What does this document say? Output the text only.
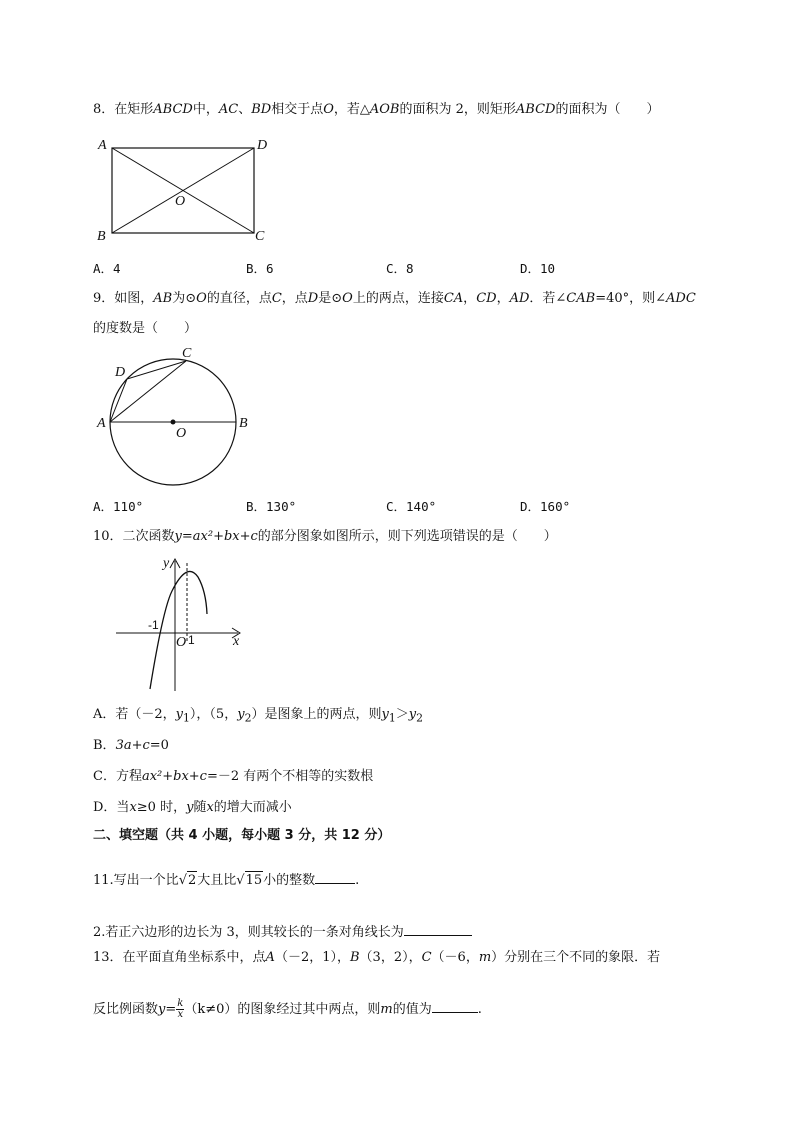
8．在矩形ABCD中，AC、BD相交于点O，若△AOB的面积为 2，则矩形ABCD的面积为（　　）
A	D
B	C
O
A．4	B．6	C．8	D．10
9．如图，AB为⊙O的直径，点C，点D是⊙O上的两点，连接CA，CD，AD．若∠CAB=40°，则∠ADC
的度数是（　　）
A	B
C
D
O
A．110°	B．130°	C．140°	D．160°
10．二次函数y=ax²+bx+c的部分图象如图所示，则下列选项错误的是（　　）
y
x
-1
O 1
A．若（－2，$y_1$），（5，$y_2$）是图象上的两点，则$y_1>y_2$
B．3a+c=0
C．方程ax²+bx+c=－2 有两个不相等的实数根
D．当x≥0 时，y随x的增大而减小
二、填空题（共 4 小题，每小题 3 分，共 12 分）
11.写出一个比√2大且比√15小的整数	.
2.若正六边形的边长为 3，则其较长的一条对角线长为
13．在平面直角坐标系中，点A（－2，1），B（3，2），C（－6，m）分别在三个不同的象限．若
反比例函数$y= \frac{k}{x} (k\ne 0)$的图象经过其中两点，则m的值为	.
